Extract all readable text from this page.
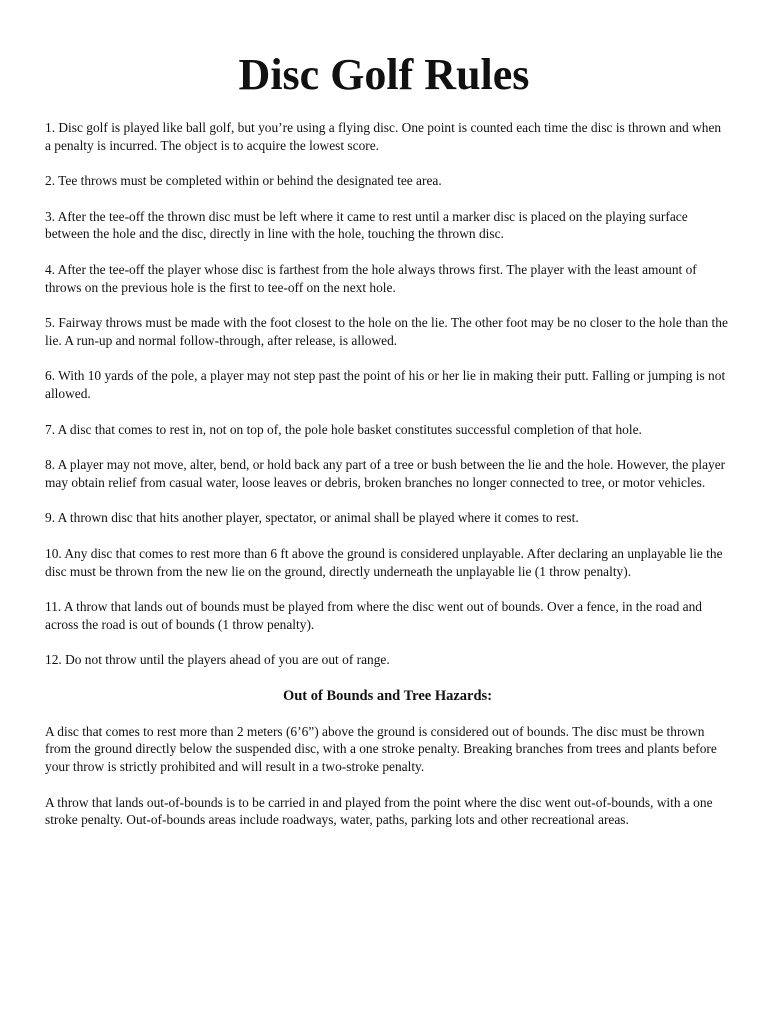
Disc Golf Rules

1. Disc golf is played like ball golf, but you’re using a flying disc. One point is counted each time the disc is thrown and when a penalty is incurred. The object is to acquire the lowest score.

2. Tee throws must be completed within or behind the designated tee area.

3. After the tee-off the thrown disc must be left where it came to rest until a marker disc is placed on the playing surface between the hole and the disc, directly in line with the hole, touching the thrown disc.

4. After the tee-off the player whose disc is farthest from the hole always throws first. The player with the least amount of throws on the previous hole is the first to tee-off on the next hole.

5. Fairway throws must be made with the foot closest to the hole on the lie. The other foot may be no closer to the hole than the lie. A run-up and normal follow-through, after release, is allowed.

6. With 10 yards of the pole, a player may not step past the point of his or her lie in making their putt. Falling or jumping is not allowed.

7. A disc that comes to rest in, not on top of, the pole hole basket constitutes successful completion of that hole.

8. A player may not move, alter, bend, or hold back any part of a tree or bush between the lie and the hole. However, the player may obtain relief from casual water, loose leaves or debris, broken branches no longer connected to tree, or motor vehicles.

9. A thrown disc that hits another player, spectator, or animal shall be played where it comes to rest.

10. Any disc that comes to rest more than 6 ft above the ground is considered unplayable. After declaring an unplayable lie the disc must be thrown from the new lie on the ground, directly underneath the unplayable lie (1 throw penalty).

11. A throw that lands out of bounds must be played from where the disc went out of bounds. Over a fence, in the road and across the road is out of bounds (1 throw penalty).

12. Do not throw until the players ahead of you are out of range.

Out of Bounds and Tree Hazards:

A disc that comes to rest more than 2 meters (6’6”) above the ground is considered out of bounds. The disc must be thrown from the ground directly below the suspended disc, with a one stroke penalty. Breaking branches from trees and plants before your throw is strictly prohibited and will result in a two-stroke penalty.

A throw that lands out-of-bounds is to be carried in and played from the point where the disc went out-of-bounds, with a one stroke penalty. Out-of-bounds areas include roadways, water, paths, parking lots and other recreational areas.
